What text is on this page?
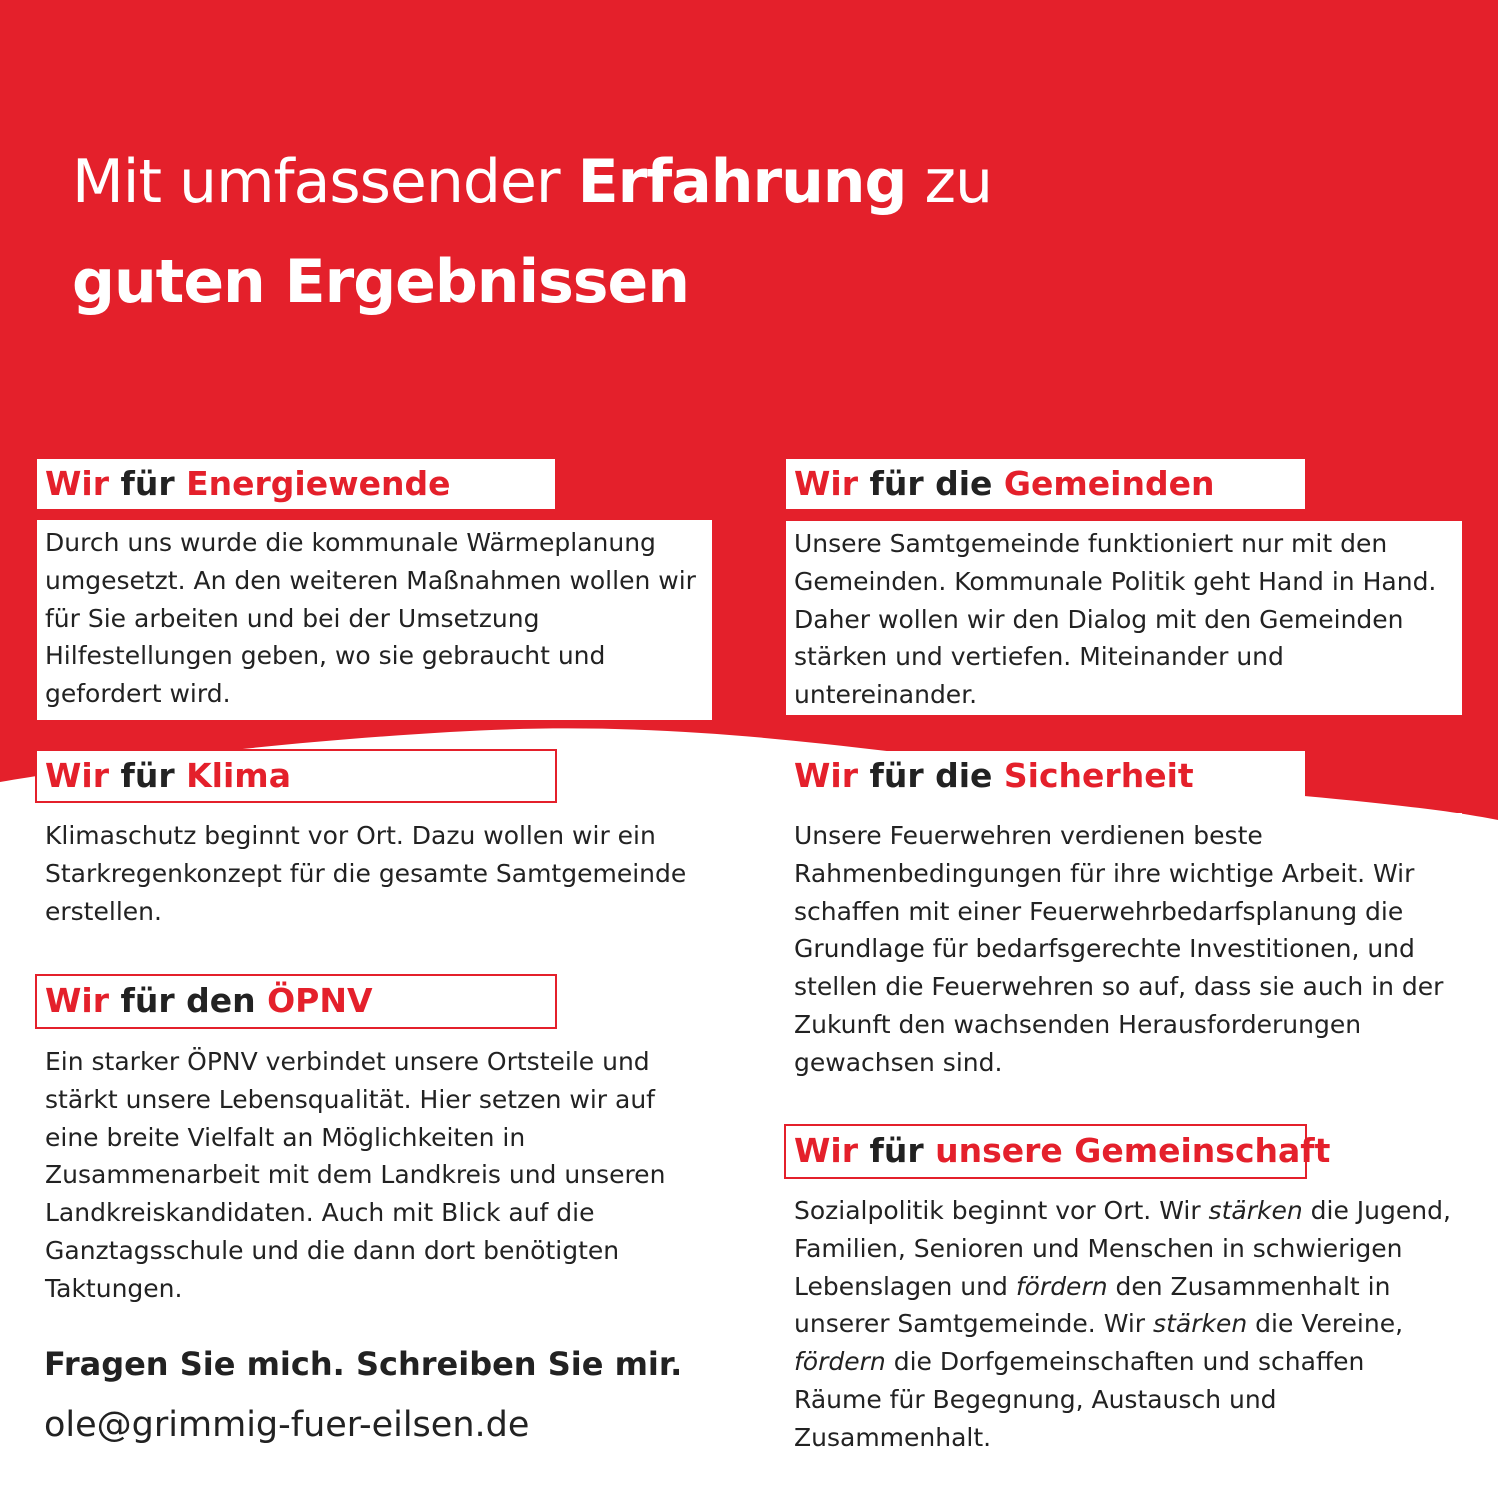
Mit umfassender Erfahrung zu
guten Ergebnissen
Wir für Energiewende

Durch uns wurde die kommunale Wärmeplanung umgesetzt. An den weiteren Maßnahmen wollen wir für Sie arbeiten und bei der Umsetzung Hilfestellungen geben, wo sie gebraucht und gefordert wird.

Wir für die Gemeinden

Unsere Samtgemeinde funktioniert nur mit den Gemeinden. Kommunale Politik geht Hand in Hand. Daher wollen wir den Dialog mit den Gemeinden stärken und vertiefen. Miteinander und untereinander.

Wir für Klima

Klimaschutz beginnt vor Ort. Dazu wollen wir ein Starkregenkonzept für die gesamte Samtgemeinde erstellen.

Wir für die Sicherheit

Unsere Feuerwehren verdienen beste Rahmenbedingungen für ihre wichtige Arbeit. Wir schaffen mit einer Feuerwehrbedarfsplanung die Grundlage für bedarfsgerechte Investitionen, und stellen die Feuerwehren so auf, dass sie auch in der Zukunft den wachsenden Herausforderungen gewachsen sind.

Wir für den ÖPNV

Ein starker ÖPNV verbindet unsere Ortsteile und stärkt unsere Lebensqualität. Hier setzen wir auf eine breite Vielfalt an Möglichkeiten in Zusammenarbeit mit dem Landkreis und unseren Landkreiskandidaten. Auch mit Blick auf die Ganztagsschule und die dann dort benötigten Taktungen.

Wir für unsere Gemeinschaft

Sozialpolitik beginnt vor Ort. Wir stärken die Jugend, Familien, Senioren und Menschen in schwierigen Lebenslagen und fördern den Zusammenhalt in unserer Samtgemeinde. Wir stärken die Vereine, fördern die Dorfgemeinschaften und schaffen Räume für Begegnung, Austausch und Zusammenhalt.

Fragen Sie mich. Schreiben Sie mir.
ole@grimmig-fuer-eilsen.de
